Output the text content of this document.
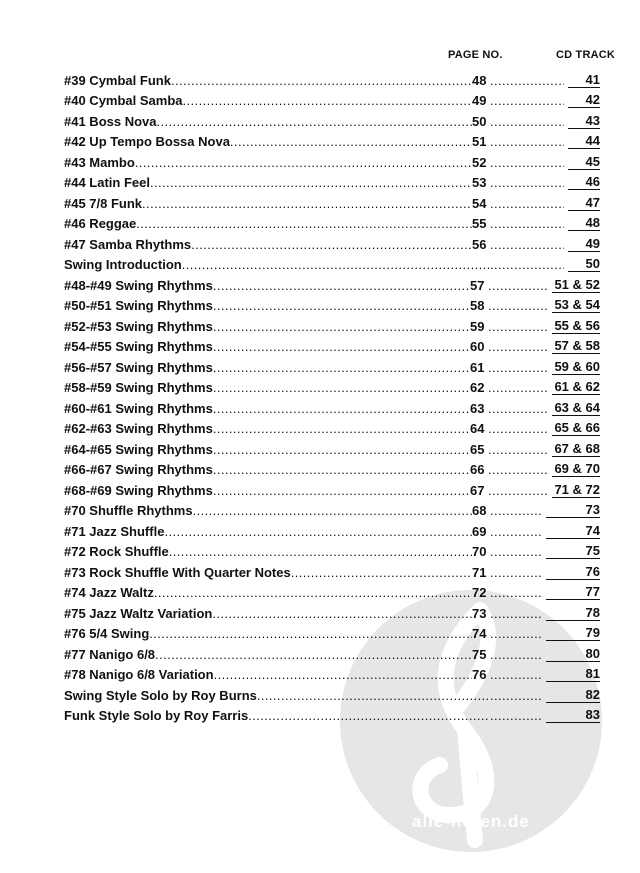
alle-noten.de
PAGE NO.	CD TRACK
#39 Cymbal Funk .....	48 .....	41
#40 Cymbal Samba .....	49 .....	42
#41 Boss Nova .....	50 .....	43
#42 Up Tempo Bossa Nova .....	51 .....	44
#43 Mambo .....	52 .....	45
#44 Latin Feel .....	53 .....	46
#45 7/8 Funk .....	54 .....	47
#46 Reggae .....	55 .....	48
#47 Samba Rhythms .....	56 .....	49
Swing Introduction ..... .....	50
#48-#49 Swing Rhythms .....	57 .....	51 & 52
#50-#51 Swing Rhythms .....	58 .....	53 & 54
#52-#53 Swing Rhythms .....	59 .....	55 & 56
#54-#55 Swing Rhythms .....	60 .....	57 & 58
#56-#57 Swing Rhythms .....	61 .....	59 & 60
#58-#59 Swing Rhythms .....	62 .....	61 & 62
#60-#61 Swing Rhythms .....	63 .....	63 & 64
#62-#63 Swing Rhythms .....	64 .....	65 & 66
#64-#65 Swing Rhythms .....	65 .....	67 & 68
#66-#67 Swing Rhythms .....	66 .....	69 & 70
#68-#69 Swing Rhythms .....	67 .....	71 & 72
#70 Shuffle Rhythms .....	68 .....	73
#71 Jazz Shuffle .....	69 .....	74
#72 Rock Shuffle .....	70 .....	75
#73 Rock Shuffle With Quarter Notes .....	71 .....	76
#74 Jazz Waltz .....	72 .....	77
#75 Jazz Waltz Variation .....	73 .....	78
#76 5/4 Swing .....	74 .....	79
#77 Nanigo 6/8 .....	75 .....	80
#78 Nanigo 6/8 Variation .....	76 .....	81
Swing Style Solo by Roy Burns ..... .....	82
Funk Style Solo by Roy Farris ..... .....	83
